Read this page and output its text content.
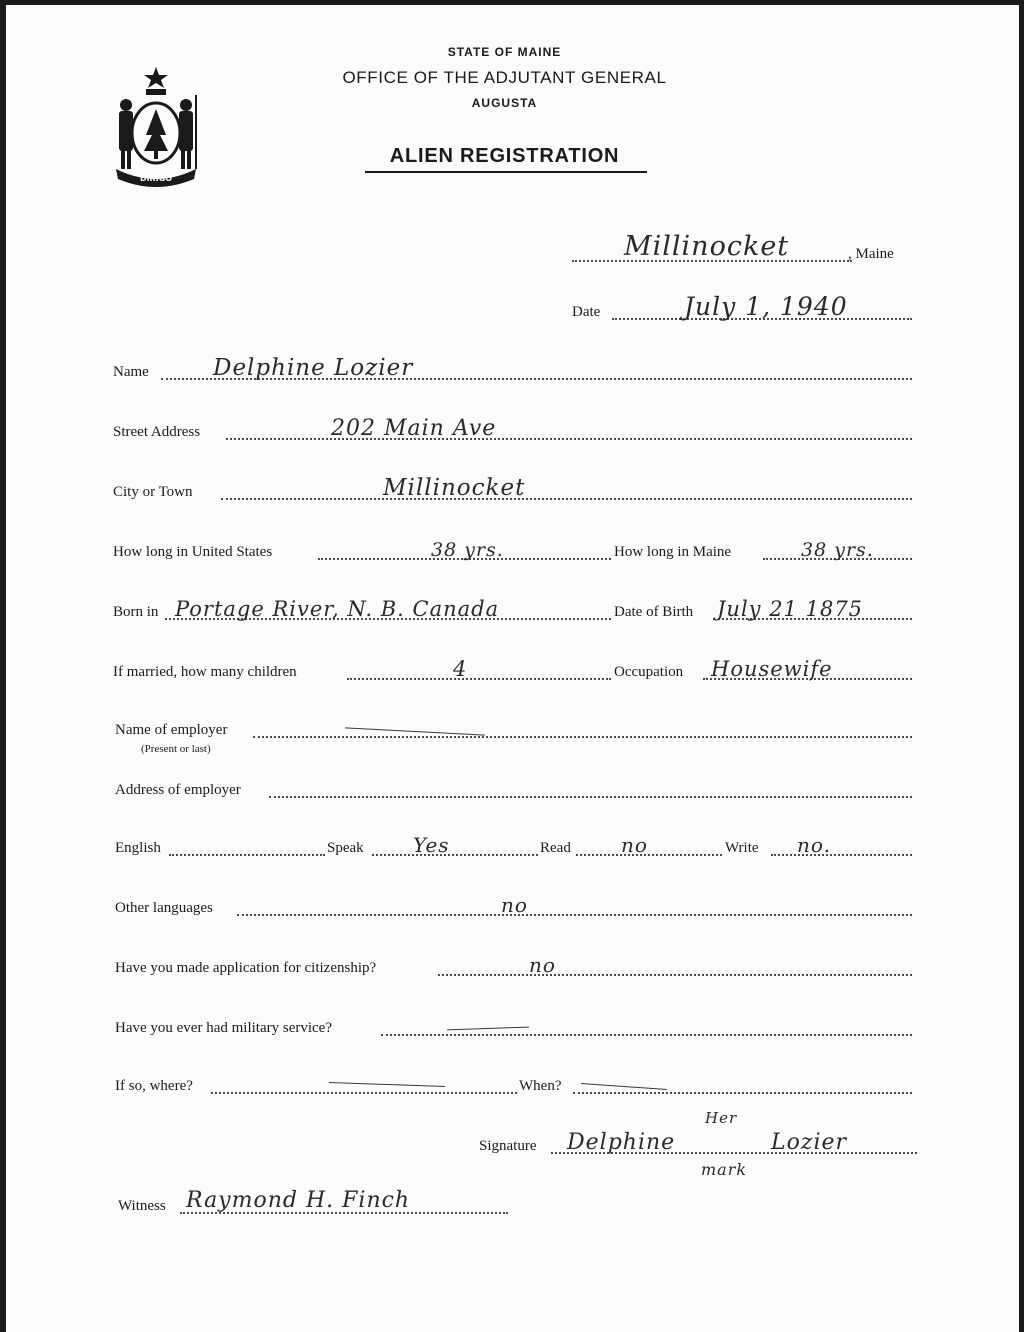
DIRIGO
STATE OF MAINE
OFFICE OF THE ADJUTANT GENERAL
AUGUSTA
ALIEN REGISTRATION
Millinocket	, Maine
Date	July 1, 1940
Name	Delphine Lozier
Street Address	202 Main Ave
City or Town	Millinocket
How long in United States	38 yrs.	How long in Maine	38 yrs.
Born in Portage River, N. B. Canada	Date of Birth July 21 1875
If married, how many children	4	Occupation Housewife
Name of employer
(Present or last)
Address of employer
English	Speak Yes	Read	no	Write no.
Other languages	no
Have you made application for citizenship?	no
Have you ever had military service?
If so, where?	When?
Signature Delphine	Lozier
Her
mark
Witness Raymond H. Finch
